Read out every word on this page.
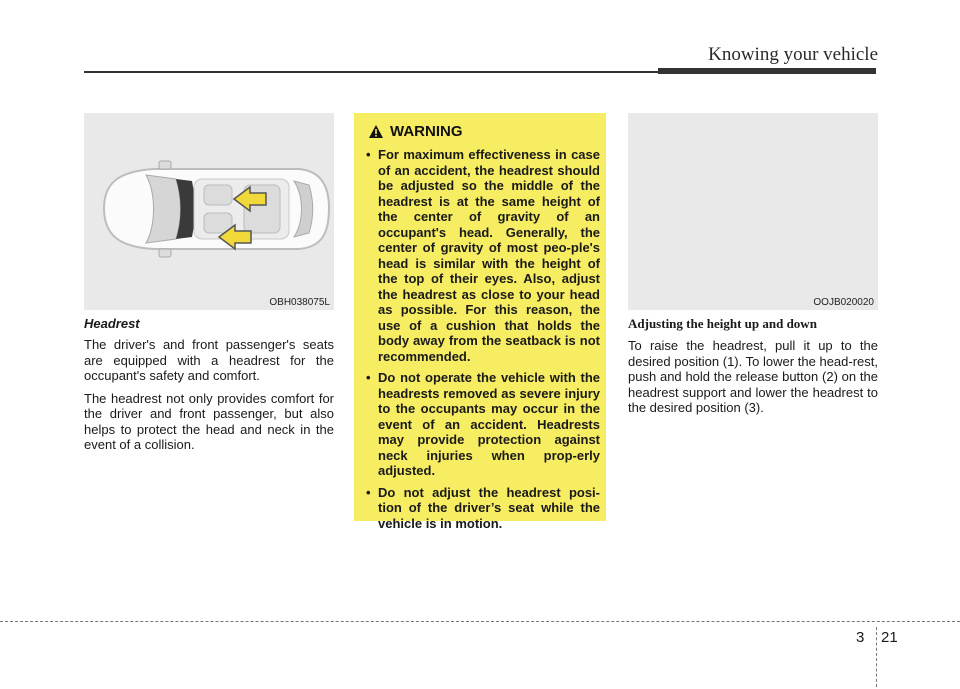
Knowing your vehicle
OBH038075L

Headrest

The driver's and front passenger's seats are equipped with a headrest for the occupant's safety and comfort.

The headrest not only provides comfort for the driver and front passenger, but also helps to protect the head and neck in the event of a collision.

WARNING
• For maximum effectiveness in case of an accident, the headrest should be adjusted so the middle of the headrest is at the same height of the center of gravity of an occupant's head. Generally, the center of gravity of most peo-ple's head is similar with the height of the top of their eyes. Also, adjust the headrest as close to your head as possible. For this reason, the use of a cushion that holds the body away from the seatback is not recommended.
• Do not operate the vehicle with the headrests removed as severe injury to the occupants may occur in the event of an accident. Headrests may provide protection against neck injuries when prop-erly adjusted.
• Do not adjust the headrest posi-tion of the driver’s seat while the vehicle is in motion.
OOJB020020

Adjusting the height up and down

To raise the headrest, pull it up to the desired position (1). To lower the head-rest, push and hold the release button (2) on the headrest support and lower the headrest to the desired position (3).

3 21
